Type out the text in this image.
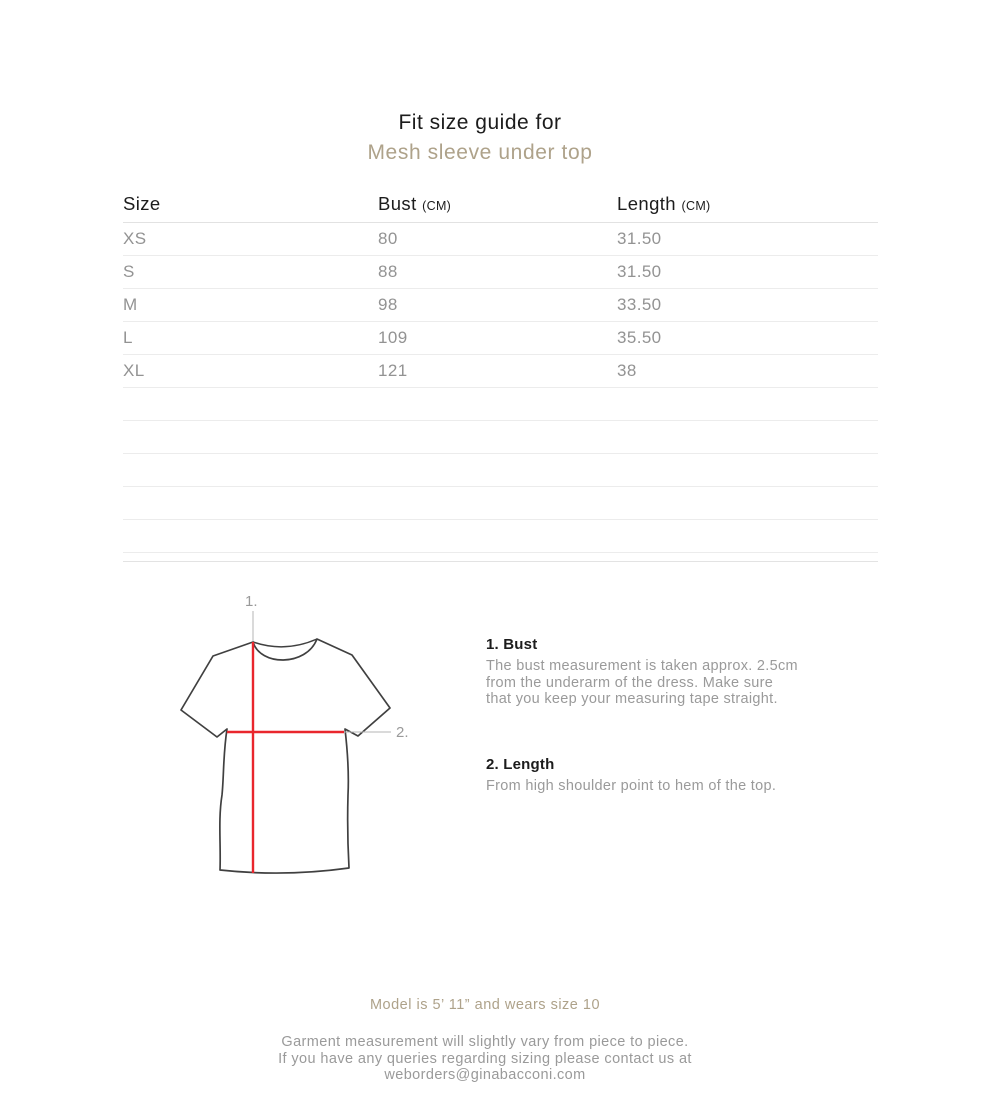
Fit size guide for
Mesh sleeve under top
Size	Bust (CM)	Length (CM)
XS	80	31.50
S	88	31.50
M	98	33.50
L	109	35.50
XL	121	38
1.
2.
1. Bust
The bust measurement is taken approx. 2.5cm
from the underarm of the dress. Make sure
that you keep your measuring tape straight.
2. Length
From high shoulder point to hem of the top.
Model is 5’ 11” and wears size 10
Garment measurement will slightly vary from piece to piece.
If you have any queries regarding sizing please contact us at
weborders@ginabacconi.com
